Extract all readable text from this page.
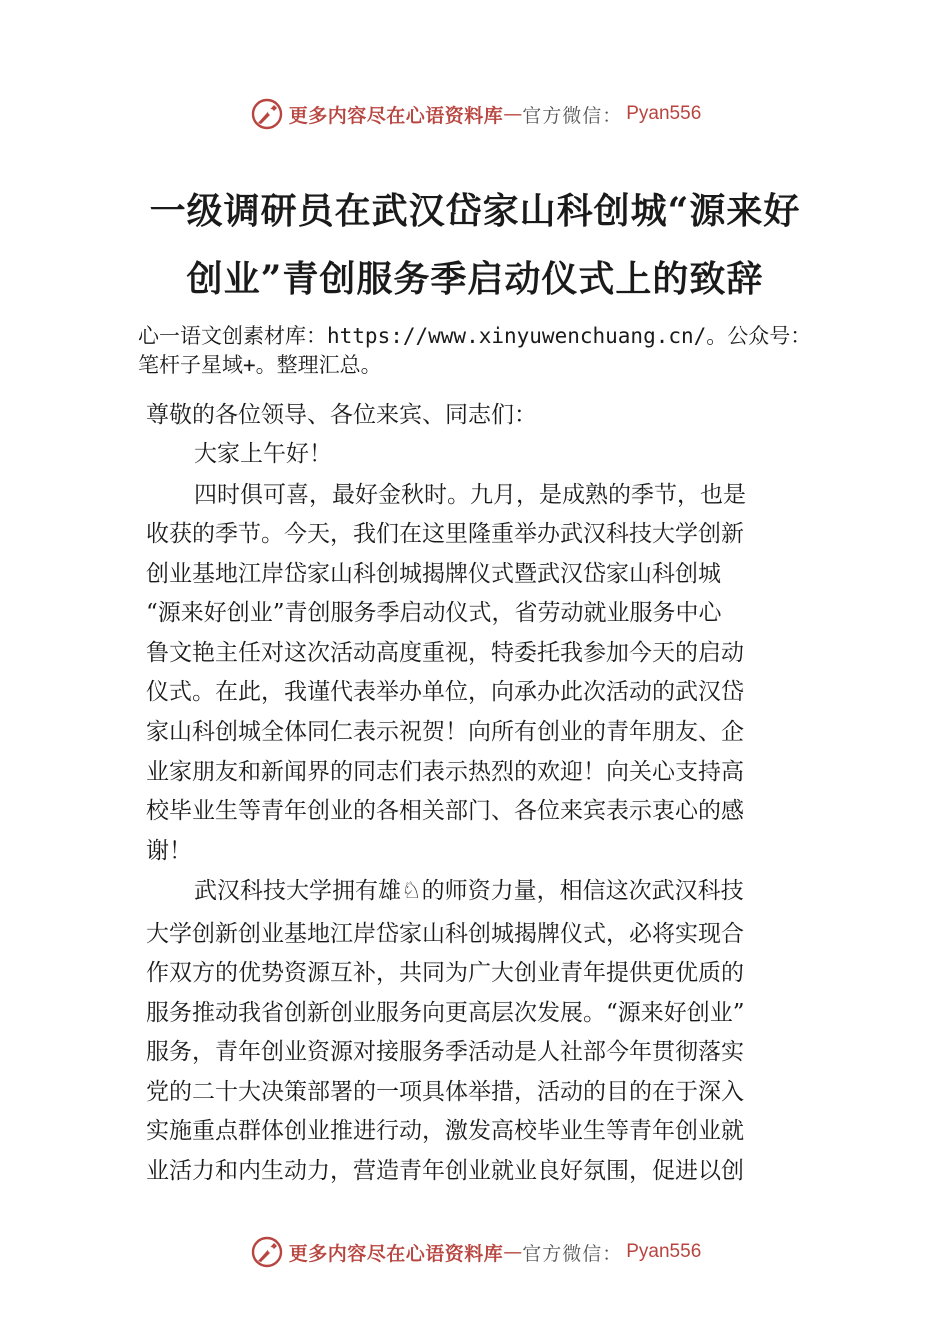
更多内容尽在心语资料库 — 官方微信： Pyan556
一级调研员在武汉岱家山科创城“源来好
创业”青创服务季启动仪式上的致辞
心一语文创素材库：https://www.xinyuwenchuang.cn/。公众号：笔杆子星域+。整理汇总。
尊敬的各位领导、各位来宾、同志们：
大家上午好！
四时俱可喜，最好金秋时。九月，是成熟的季节，也是
收获的季节。今天，我们在这里隆重举办武汉科技大学创新
创业基地江岸岱家山科创城揭牌仪式暨武汉岱家山科创城
“源来好创业”青创服务季启动仪式，省劳动就业服务中心
鲁文艳主任对这次活动高度重视，特委托我参加今天的启动
仪式。在此，我谨代表举办单位，向承办此次活动的武汉岱
家山科创城全体同仁表示祝贺！向所有创业的青年朋友、企
业家朋友和新闻界的同志们表示热烈的欢迎！向关心支持高
校毕业生等青年创业的各相关部门、各位来宾表示衷心的感
谢！
武汉科技大学拥有雄♘的师资力量，相信这次武汉科技
大学创新创业基地江岸岱家山科创城揭牌仪式，必将实现合
作双方的优势资源互补，共同为广大创业青年提供更优质的
服务推动我省创新创业服务向更高层次发展。“源来好创业”
服务，青年创业资源对接服务季活动是人社部今年贯彻落实
党的二十大决策部署的一项具体举措，活动的目的在于深入
实施重点群体创业推进行动，激发高校毕业生等青年创业就
业活力和内生动力，营造青年创业就业良好氛围，促进以创
更多内容尽在心语资料库 — 官方微信： Pyan556
